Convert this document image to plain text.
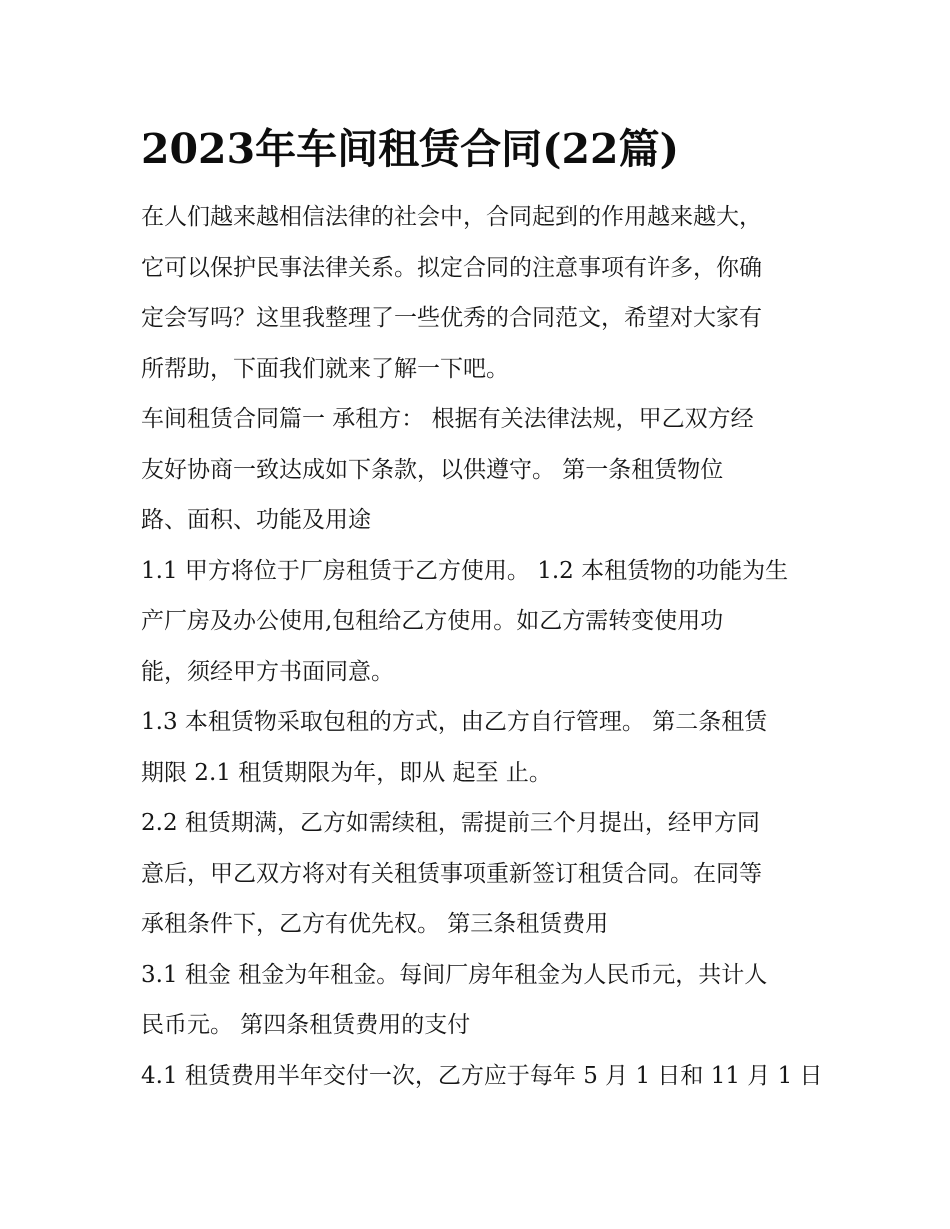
2023年车间租赁合同(22篇)

在人们越来越相信法律的社会中，合同起到的作用越来越大，
它可以保护民事法律关系。拟定合同的注意事项有许多，你确
定会写吗？这里我整理了一些优秀的合同范文，希望对大家有
所帮助，下面我们就来了解一下吧。

车间租赁合同篇一 承租方： 根据有关法律法规，甲乙双方经
友好协商一致达成如下条款，以供遵守。 第一条租赁物位
路、面积、功能及用途

1.1 甲方将位于厂房租赁于乙方使用。 1.2 本租赁物的功能为生
产厂房及办公使用,包租给乙方使用。如乙方需转变使用功
能，须经甲方书面同意。

1.3 本租赁物采取包租的方式，由乙方自行管理。 第二条租赁
期限 2.1 租赁期限为年，即从 起至 止。

2.2 租赁期满，乙方如需续租，需提前三个月提出，经甲方同
意后，甲乙双方将对有关租赁事项重新签订租赁合同。在同等
承租条件下，乙方有优先权。 第三条租赁费用

3.1 租金 租金为年租金。每间厂房年租金为人民币元，共计人
民币元。 第四条租赁费用的支付

4.1 租赁费用半年交付一次，乙方应于每年 5 月 1 日和 11 月 1 日
